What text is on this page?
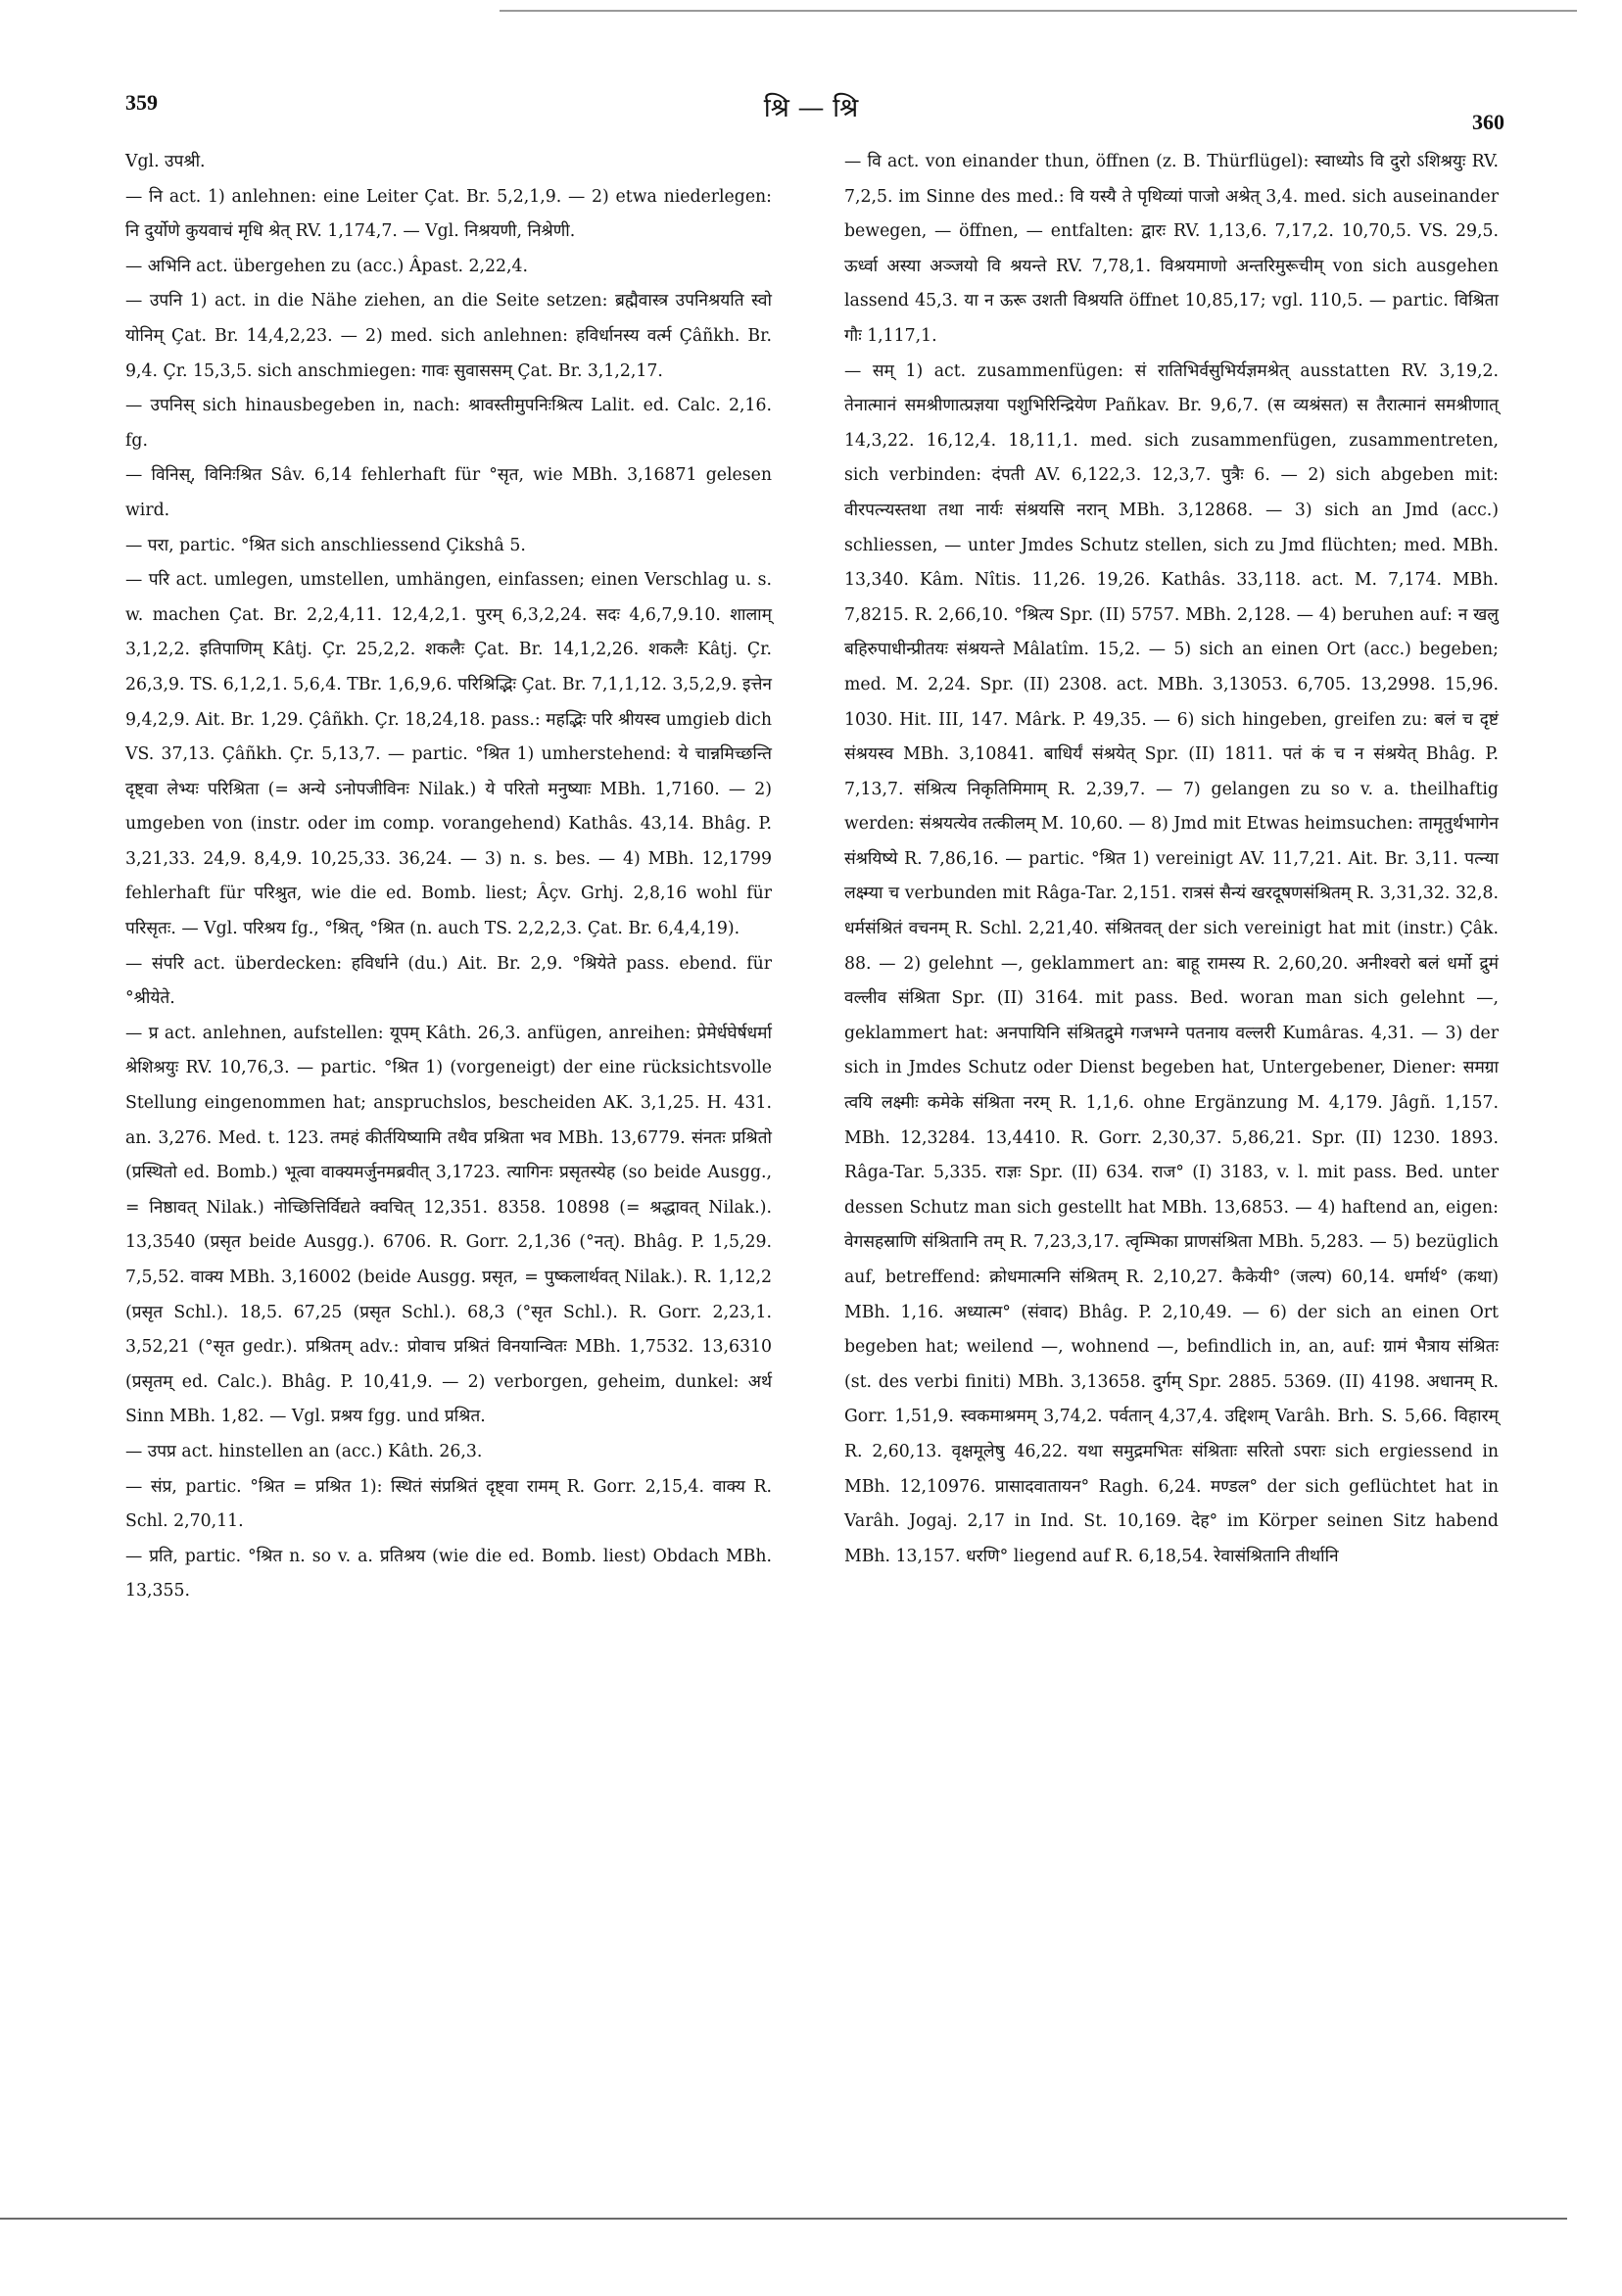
359	श्रि — श्रि	360

Vgl. उपश्री.

— नि act. 1) anlehnen: eine Leiter Çat. Br. 5,2,1,9. — 2) etwa niederlegen: नि दुर्योणे कुयवाचं मृधि श्रेत् RV. 1,174,7. — Vgl. निश्रयणी, निश्रेणी.

— अभिनि act. übergehen zu (acc.) Âpast. 2,22,4.

— उपनि 1) act. in die Nähe ziehen, an die Seite setzen: ब्रह्मैवास्त्र उपनिश्रयति स्वो योनिम् Çat. Br. 14,4,2,23. — 2) med. sich anlehnen: हविर्धानस्य वर्त्म Çâñkh. Br. 9,4. Çr. 15,3,5. sich anschmiegen: गावः सुवाससम् Çat. Br. 3,1,2,17.

— उपनिस् sich hinausbegeben in, nach: श्रावस्तीमुपनिःश्रित्य Lalit. ed. Calc. 2,16. fg.

— विनिस्, विनिःश्रित Sâv. 6,14 fehlerhaft für °सृत, wie MBh. 3,16871 gelesen wird.

— परा, partic. °श्रित sich anschliessend Çikshâ 5.

— परि act. umlegen, umstellen, umhängen, einfassen; einen Verschlag u. s. w. machen Çat. Br. 2,2,4,11. 12,4,2,1. पुरम् 6,3,2,24. सदः 4,6,7,9.10. शालाम् 3,1,2,2. इतिपाणिम् Kâtj. Çr. 25,2,2. शकलैः Çat. Br. 14,1,2,26. शकलैः Kâtj. Çr. 26,3,9. TS. 6,1,2,1. 5,6,4. TBr. 1,6,9,6. परिश्रिद्भिः Çat. Br. 7,1,1,12. 3,5,2,9. इत्तेन 9,4,2,9. Ait. Br. 1,29. Çâñkh. Çr. 18,24,18. pass.: महद्भिः परि श्रीयस्व umgieb dich VS. 37,13. Çâñkh. Çr. 5,13,7. — partic. °श्रित 1) umherstehend: ये चान्नमिच्छन्ति दृष्ट्वा लेभ्यः परिश्रिता (= अन्ये ऽनोपजीविनः Nilak.) ये परितो मनुष्याः MBh. 1,7160. — 2) umgeben von (instr. oder im comp. vorangehend) Kathâs. 43,14. Bhâg. P. 3,21,33. 24,9. 8,4,9. 10,25,33. 36,24. — 3) n. s. bes. — 4) MBh. 12,1799 fehlerhaft für परिश्रुत, wie die ed. Bomb. liest; Âçv. Grhj. 2,8,16 wohl für परिसृतः. — Vgl. परिश्रय fg., °श्रित्, °श्रित (n. auch TS. 2,2,2,3. Çat. Br. 6,4,4,19).

— संपरि act. überdecken: हविर्धाने (du.) Ait. Br. 2,9. °श्रियेते pass. ebend. für °श्रीयेते.

— प्र act. anlehnen, aufstellen: यूपम् Kâth. 26,3. anfügen, anreihen: प्रेमेर्धघेर्षधर्मा श्रेशिश्रयुः RV. 10,76,3. — partic. °श्रित 1) (vorgeneigt) der eine rücksichtsvolle Stellung eingenommen hat; anspruchslos, bescheiden AK. 3,1,25. H. 431. an. 3,276. Med. t. 123. तमहं कीर्तयिष्यामि तथैव प्रश्रिता भव MBh. 13,6779. संनतः प्रश्रितो (प्रस्थितो ed. Bomb.) भूत्वा वाक्यमर्जुनमब्रवीत् 3,1723. त्यागिनः प्रसृतस्येह (so beide Ausgg., = निष्ठावत् Nilak.) नोच्छित्तिर्विद्यते क्वचित् 12,351. 8358. 10898 (= श्रद्धावत् Nilak.). 13,3540 (प्रसृत beide Ausgg.). 6706. R. Gorr. 2,1,36 (°नत्). Bhâg. P. 1,5,29. 7,5,52. वाक्य MBh. 3,16002 (beide Ausgg. प्रसृत, = पुष्कलार्थवत् Nilak.). R. 1,12,2 (प्रसृत Schl.). 18,5. 67,25 (प्रसृत Schl.). 68,3 (°सृत Schl.). R. Gorr. 2,23,1. 3,52,21 (°सृत gedr.). प्रश्रितम् adv.: प्रोवाच प्रश्रितं विनयान्वितः MBh. 1,7532. 13,6310 (प्रसृतम् ed. Calc.). Bhâg. P. 10,41,9. — 2) verborgen, geheim, dunkel: अर्थ Sinn MBh. 1,82. — Vgl. प्रश्रय fgg. und प्रश्रित.

— उपप्र act. hinstellen an (acc.) Kâth. 26,3.

— संप्र, partic. °श्रित = प्रश्रित 1): स्थितं संप्रश्रितं दृष्ट्वा रामम् R. Gorr. 2,15,4. वाक्य R. Schl. 2,70,11.

— प्रति, partic. °श्रित n. so v. a. प्रतिश्रय (wie die ed. Bomb. liest) Obdach MBh. 13,355.

— वि act. von einander thun, öffnen (z. B. Thürflügel): स्वाध्योऽ वि दुरो ऽशिश्रयुः RV. 7,2,5. im Sinne des med.: वि यस्यै ते पृथिव्यां पाजो अश्रेत् 3,4. med. sich auseinander bewegen, — öffnen, — entfalten: द्वारः RV. 1,13,6. 7,17,2. 10,70,5. VS. 29,5. ऊर्ध्वा अस्या अञ्जयो वि श्रयन्ते RV. 7,78,1. विश्रयमाणो अन्तरिमुरूचीम् von sich ausgehen lassend 45,3. या न ऊरू उशती विश्रयति öffnet 10,85,17; vgl. 110,5. — partic. विश्रिता गौः 1,117,1.

— सम् 1) act. zusammenfügen: सं रातिभिर्वसुभिर्यज्ञमश्रेत् ausstatten RV. 3,19,2. तेनात्मानं समश्रीणात्प्रज्ञया पशुभिरिन्द्रियेण Pañkav. Br. 9,6,7. (स व्यश्रंसत) स तैरात्मानं समश्रीणात् 14,3,22. 16,12,4. 18,11,1. med. sich zusammenfügen, zusammentreten, sich verbinden: दंपती AV. 6,122,3. 12,3,7. पुत्रैः 6. — 2) sich abgeben mit: वीरपत्न्यस्तथा तथा नार्यः संश्रयसि नरान् MBh. 3,12868. — 3) sich an Jmd (acc.) schliessen, — unter Jmdes Schutz stellen, sich zu Jmd flüchten; med. MBh. 13,340. Kâm. Nîtis. 11,26. 19,26. Kathâs. 33,118. act. M. 7,174. MBh. 7,8215. R. 2,66,10. °श्रित्य Spr. (II) 5757. MBh. 2,128. — 4) beruhen auf: न खलु बहिरुपाधीन्प्रीतयः संश्रयन्ते Mâlatîm. 15,2. — 5) sich an einen Ort (acc.) begeben; med. M. 2,24. Spr. (II) 2308. act. MBh. 3,13053. 6,705. 13,2998. 15,96. 1030. Hit. III, 147. Mârk. P. 49,35. — 6) sich hingeben, greifen zu: बलं च दृष्टं संश्रयस्व MBh. 3,10841. बाधिर्यं संश्रयेत् Spr. (II) 1811. पतं कं च न संश्रयेत् Bhâg. P. 7,13,7. संश्रित्य निकृतिमिमाम् R. 2,39,7. — 7) gelangen zu so v. a. theilhaftig werden: संश्रयत्येव तत्कीलम् M. 10,60. — 8) Jmd mit Etwas heimsuchen: तामृतुर्थभागेन संश्रयिष्ये R. 7,86,16. — partic. °श्रित 1) vereinigt AV. 11,7,21. Ait. Br. 3,11. पत्न्या लक्ष्म्या च verbunden mit Râga-Tar. 2,151. रात्रसं सैन्यं खरदूषणसंश्रितम् R. 3,31,32. 32,8. धर्मसंश्रितं वचनम् R. Schl. 2,21,40. संश्रितवत् der sich vereinigt hat mit (instr.) Çâk. 88. — 2) gelehnt —, geklammert an: बाहू रामस्य R. 2,60,20. अनीश्वरो बलं धर्मो द्रुमं वल्लीव संश्रिता Spr. (II) 3164. mit pass. Bed. woran man sich gelehnt —, geklammert hat: अनपायिनि संश्रितद्रुमे गजभग्ने पतनाय वल्लरी Kumâras. 4,31. — 3) der sich in Jmdes Schutz oder Dienst begeben hat, Untergebener, Diener: समग्रा त्वयि लक्ष्मीः कमेके संश्रिता नरम् R. 1,1,6. ohne Ergänzung M. 4,179. Jâgñ. 1,157. MBh. 12,3284. 13,4410. R. Gorr. 2,30,37. 5,86,21. Spr. (II) 1230. 1893. Râga-Tar. 5,335. राज्ञः Spr. (II) 634. राज° (I) 3183, v. l. mit pass. Bed. unter dessen Schutz man sich gestellt hat MBh. 13,6853. — 4) haftend an, eigen: वेगसहस्राणि संश्रितानि तम् R. 7,23,3,17. त्वृम्भिका प्राणसंश्रिता MBh. 5,283. — 5) bezüglich auf, betreffend: क्रोधमात्मनि संश्रितम् R. 2,10,27. कैकेयी° (जल्प) 60,14. धर्मार्थ° (कथा) MBh. 1,16. अध्यात्म° (संवाद) Bhâg. P. 2,10,49. — 6) der sich an einen Ort begeben hat; weilend —, wohnend —, befindlich in, an, auf: ग्रामं भैत्राय संश्रितः (st. des verbi finiti) MBh. 3,13658. दुर्गम् Spr. 2885. 5369. (II) 4198. अधानम् R. Gorr. 1,51,9. स्वकमाश्रमम् 3,74,2. पर्वतान् 4,37,4. उद्दिशम् Varâh. Brh. S. 5,66. विहारम् R. 2,60,13. वृक्षमूलेषु 46,22. यथा समुद्रमभितः संश्रिताः सरितो ऽपराः sich ergiessend in MBh. 12,10976. प्रासादवातायन° Ragh. 6,24. मण्डल° der sich geflüchtet hat in Varâh. Jogaj. 2,17 in Ind. St. 10,169. देह° im Körper seinen Sitz habend MBh. 13,157. धरणि° liegend auf R. 6,18,54. रेवासंश्रितानि तीर्थानि
